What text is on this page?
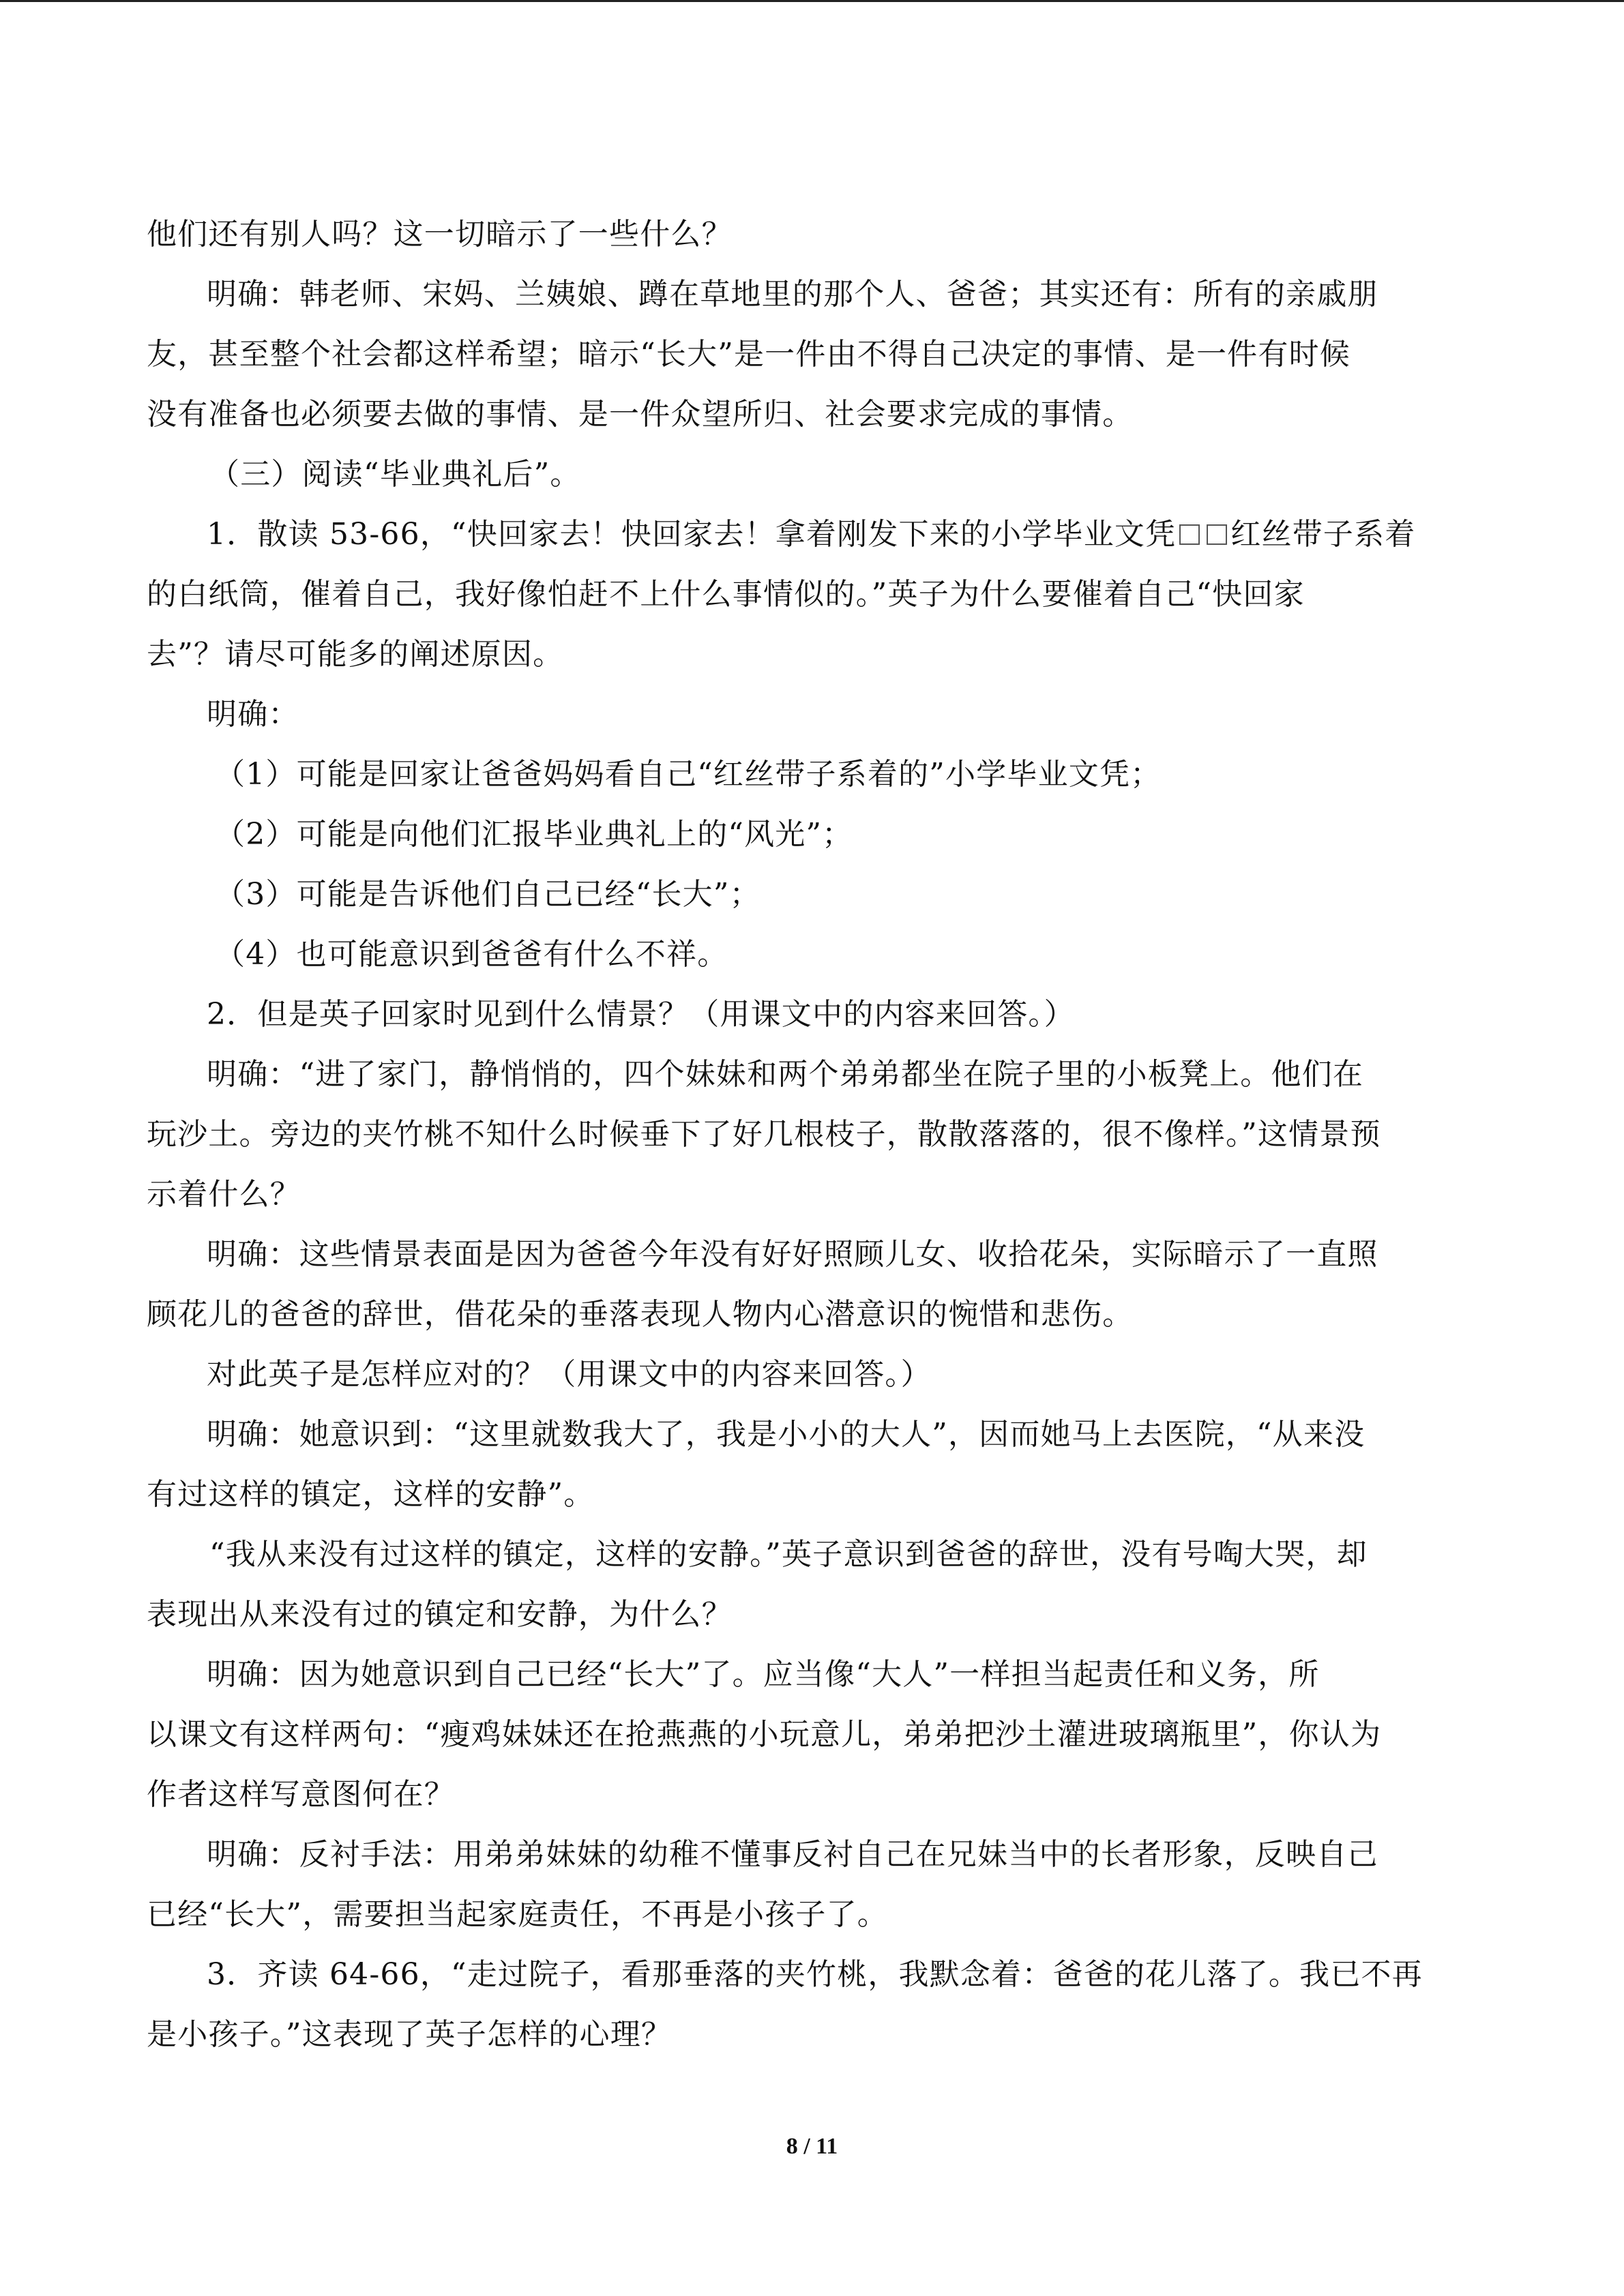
他们还有别人吗？这一切暗示了一些什么？
明确：韩老师、宋妈、兰姨娘、蹲在草地里的那个人、爸爸；其实还有：所有的亲戚朋
友，甚至整个社会都这样希望；暗示“长大”是一件由不得自己决定的事情、是一件有时候
没有准备也必须要去做的事情、是一件众望所归、社会要求完成的事情。
（三）阅读“毕业典礼后”。
1．散读 53-66，“快回家去！快回家去！拿着刚发下来的小学毕业文凭 红丝带子系着
的白纸筒，催着自己，我好像怕赶不上什么事情似的。”英子为什么要催着自己“快回家
去”？请尽可能多的阐述原因。
明确：
（1）可能是回家让爸爸妈妈看自己“红丝带子系着的”小学毕业文凭；
（2）可能是向他们汇报毕业典礼上的“风光”；
（3）可能是告诉他们自己已经“长大”；
（4）也可能意识到爸爸有什么不祥。
2．但是英子回家时见到什么情景？（用课文中的内容来回答。）
明确：“进了家门，静悄悄的，四个妹妹和两个弟弟都坐在院子里的小板凳上。他们在
玩沙土。旁边的夹竹桃不知什么时候垂下了好几根枝子，散散落落的，很不像样。”这情景预
示着什么？
明确：这些情景表面是因为爸爸今年没有好好照顾儿女、收拾花朵，实际暗示了一直照
顾花儿的爸爸的辞世，借花朵的垂落表现人物内心潜意识的惋惜和悲伤。
对此英子是怎样应对的？（用课文中的内容来回答。）
明确：她意识到：“这里就数我大了，我是小小的大人”，因而她马上去医院，“从来没
有过这样的镇定，这样的安静”。
“我从来没有过这样的镇定，这样的安静。”英子意识到爸爸的辞世，没有号啕大哭，却
表现出从来没有过的镇定和安静，为什么？
明确：因为她意识到自己已经“长大”了。应当像“大人”一样担当起责任和义务，所
以课文有这样两句：“瘦鸡妹妹还在抢燕燕的小玩意儿，弟弟把沙土灌进玻璃瓶里”，你认为
作者这样写意图何在？
明确：反衬手法：用弟弟妹妹的幼稚不懂事反衬自己在兄妹当中的长者形象，反映自己
已经“长大”，需要担当起家庭责任，不再是小孩子了。
3．齐读 64-66，“走过院子，看那垂落的夹竹桃，我默念着：爸爸的花儿落了。我已不再
是小孩子。”这表现了英子怎样的心理？
8 / 11
